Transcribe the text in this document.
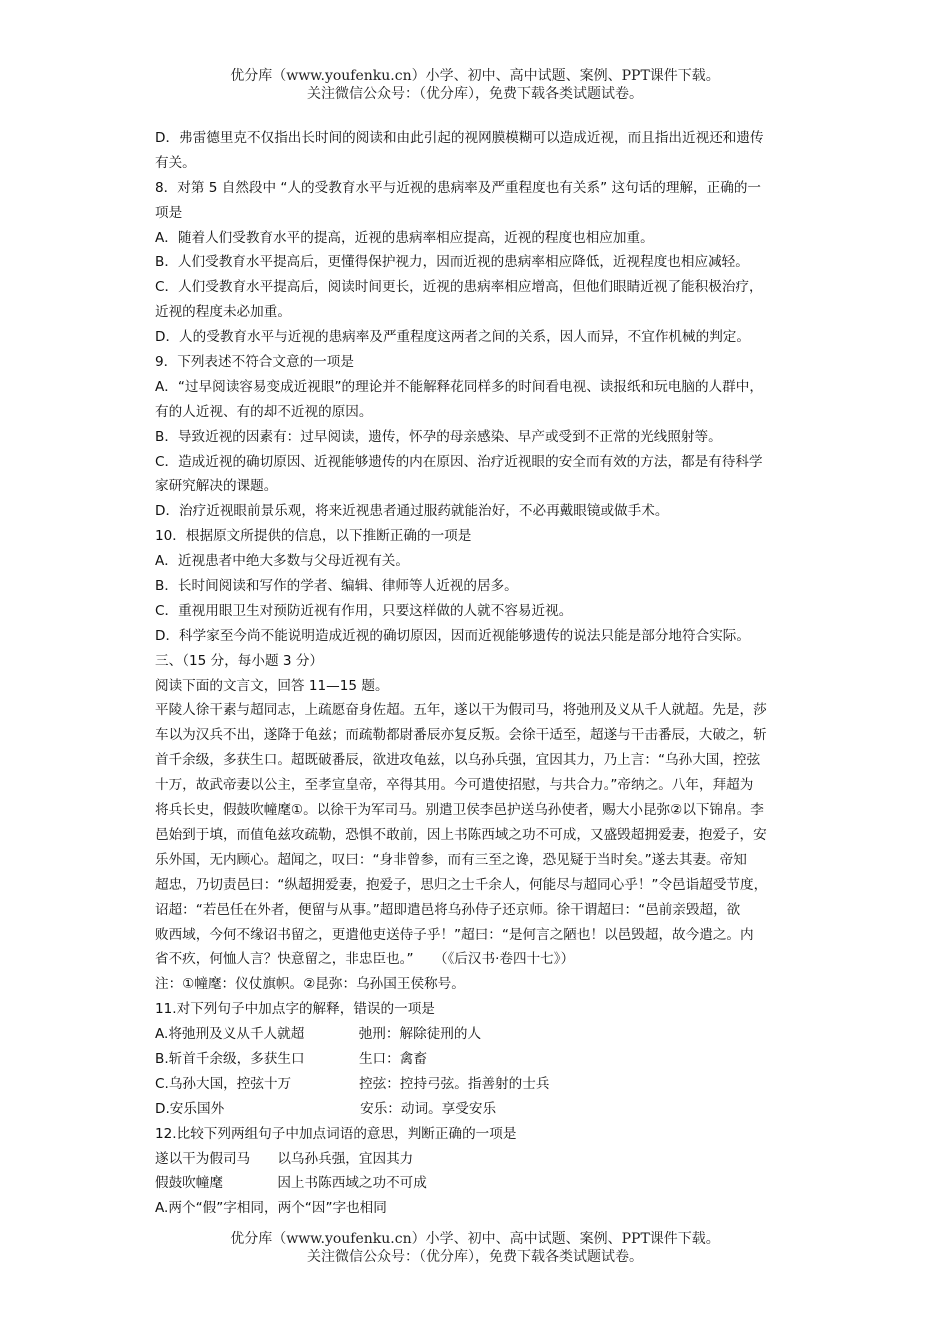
优分库（www.youfenku.cn）小学、初中、高中试题、案例、PPT课件下载。
关注微信公众号：（优分库），免费下载各类试题试卷。
D．弗雷德里克不仅指出长时间的阅读和由此引起的视网膜模糊可以造成近视，而且指出近视还和遗传
有关。
8．对第 5 自然段中 “人的受教育水平与近视的患病率及严重程度也有关系” 这句话的理解，正确的一
项是
A．随着人们受教育水平的提高，近视的患病率相应提高，近视的程度也相应加重。
B．人们受教育水平提高后，更懂得保护视力，因而近视的患病率相应降低，近视程度也相应减轻。
C．人们受教育水平提高后，阅读时间更长，近视的患病率相应增高，但他们眼睛近视了能积极治疗，
近视的程度未必加重。
D．人的受教育水平与近视的患病率及严重程度这两者之间的关系，因人而异，不宜作机械的判定。
9．下列表述不符合文意的一项是
A．“过早阅读容易变成近视眼”的理论并不能解释花同样多的时间看电视、读报纸和玩电脑的人群中，
有的人近视、有的却不近视的原因。
B．导致近视的因素有：过早阅读，遗传，怀孕的母亲感染、早产或受到不正常的光线照射等。
C．造成近视的确切原因、近视能够遗传的内在原因、治疗近视眼的安全而有效的方法，都是有待科学
家研究解决的课题。
D．治疗近视眼前景乐观，将来近视患者通过服药就能治好，不必再戴眼镜或做手术。
10．根据原文所提供的信息，以下推断正确的一项是
A．近视患者中绝大多数与父母近视有关。
B．长时间阅读和写作的学者、编辑、律师等人近视的居多。
C．重视用眼卫生对预防近视有作用，只要这样做的人就不容易近视。
D．科学家至今尚不能说明造成近视的确切原因，因而近视能够遗传的说法只能是部分地符合实际。
三、（15 分，每小题 3 分）
阅读下面的文言文，回答 11—15 题。
平陵人徐干素与超同志，上疏愿奋身佐超。五年，遂以干为假司马，将弛刑及义从千人就超。先是，莎
车以为汉兵不出，遂降于龟兹；而疏勒都尉番辰亦复反叛。会徐干适至，超遂与干击番辰，大破之，斩
首千余级，多获生口。超既破番辰，欲进攻龟兹，以乌孙兵强，宜因其力，乃上言：“乌孙大国，控弦
十万，故武帝妻以公主，至孝宣皇帝，卒得其用。今可遣使招慰，与共合力。”帝纳之。八年，拜超为
将兵长史，假鼓吹幢麾①。以徐干为军司马。别遣卫侯李邑护送乌孙使者，赐大小昆弥②以下锦帛。李
邑始到于填，而值龟兹攻疏勒，恐惧不敢前，因上书陈西域之功不可成，又盛毁超拥爱妻，抱爱子，安
乐外国，无内顾心。超闻之，叹曰：“身非曾参，而有三至之谗，恐见疑于当时矣。”遂去其妻。帝知
超忠，乃切责邑曰：“纵超拥爱妻，抱爱子，思归之士千余人，何能尽与超同心乎！”令邑诣超受节度，
诏超：“若邑任在外者，便留与从事。”超即遣邑将乌孙侍子还京师。徐干谓超曰：“邑前亲毁超，欲
败西域，今何不缘诏书留之，更遣他吏送侍子乎！”超曰：“是何言之陋也！以邑毁超，故今遣之。内
省不疚，何恤人言？快意留之，非忠臣也。”　　（《后汉书·卷四十七》）
注：①幢麾：仪仗旗帜。②昆弥：乌孙国王侯称号。
11.对下列句子中加点字的解释，错误的一项是
A.将弛刑及义从千人就超　　　　弛刑：解除徒刑的人
B.斩首千余级，多获生口　　　　生口：禽畜
C.乌孙大国，控弦十万　　　　　控弦：控持弓弦。指善射的士兵
D.安乐国外　　　　　　　　　　安乐：动词。享受安乐
12.比较下列两组句子中加点词语的意思，判断正确的一项是
遂以干为假司马　　以乌孙兵强，宜因其力
假鼓吹幢麾　　　　因上书陈西域之功不可成
A.两个“假”字相同，两个“因”字也相同
优分库（www.youfenku.cn）小学、初中、高中试题、案例、PPT课件下载。
关注微信公众号：（优分库），免费下载各类试题试卷。
